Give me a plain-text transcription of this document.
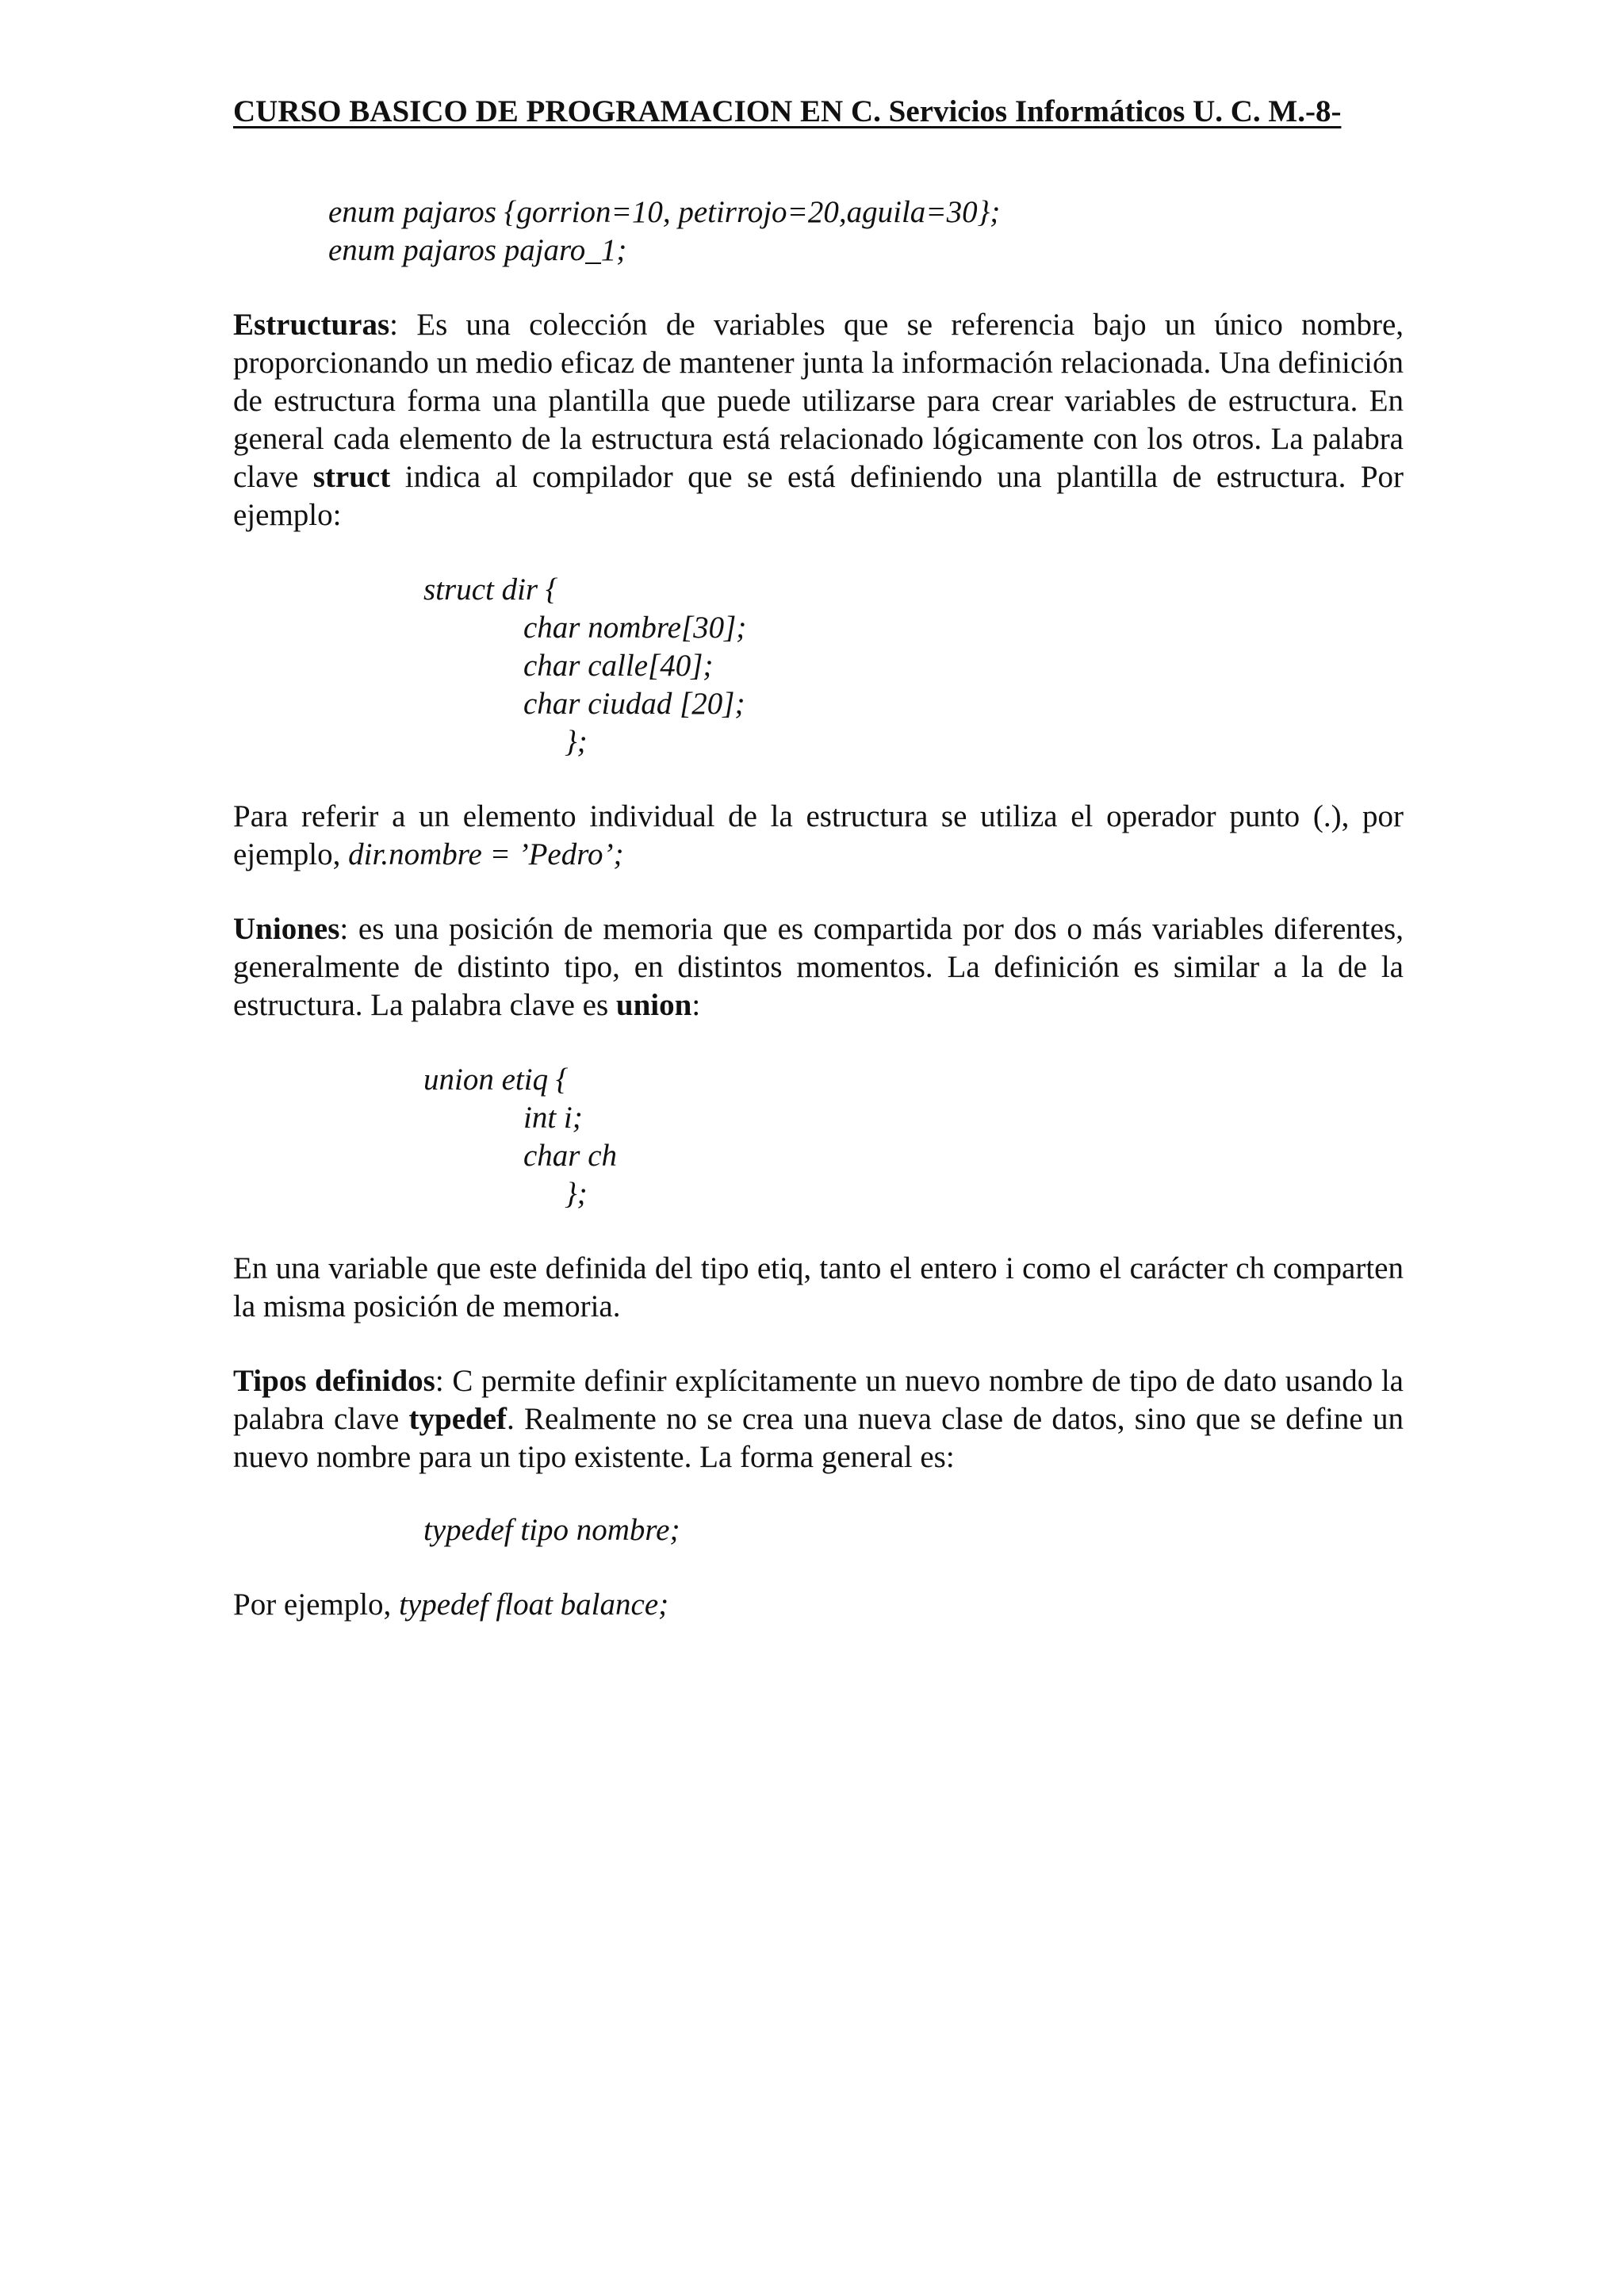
CURSO BASICO DE PROGRAMACION EN C. Servicios Informáticos U. C. M.-8-
enum pajaros {gorrion=10, petirrojo=20,aguila=30};
enum pajaros pajaro_1;
Estructuras: Es una colección de variables que se referencia bajo un único nombre, proporcionando un medio eficaz de mantener junta la información relacionada. Una definición de estructura forma una plantilla que puede utilizarse para crear variables de estructura. En general cada elemento de la estructura está relacionado lógicamente con los otros. La palabra clave struct indica al compilador que se está definiendo una plantilla de estructura. Por ejemplo:
struct dir {
char nombre[30];
char calle[40];
char ciudad [20];
};
Para referir a un elemento individual de la estructura se utiliza el operador punto (.), por ejemplo, dir.nombre = ’Pedro’;
Uniones: es una posición de memoria que es compartida por dos o más variables diferentes, generalmente de distinto tipo, en distintos momentos. La definición es similar a la de la estructura. La palabra clave es union:
union etiq {
int i;
char ch
};
En una variable que este definida del tipo etiq, tanto el entero i como el carácter ch comparten la misma posición de memoria.
Tipos definidos: C permite definir explícitamente un nuevo nombre de tipo de dato usando la palabra clave typedef. Realmente no se crea una nueva clase de datos, sino que se define un nuevo nombre para un tipo existente. La forma general es:
typedef tipo nombre;
Por ejemplo, typedef float balance;
